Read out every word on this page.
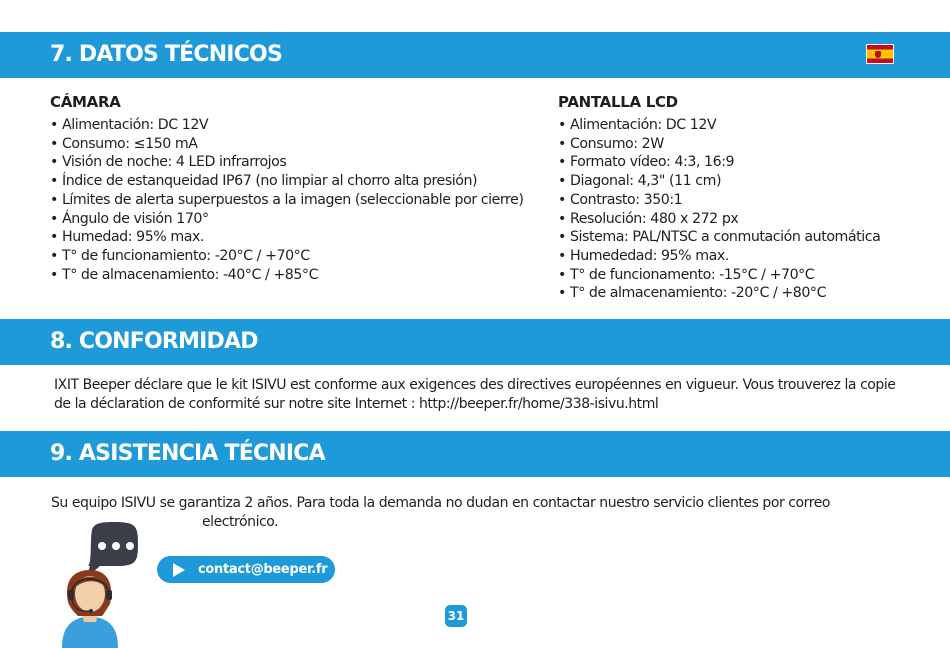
7. DATOS TÉCNICOS
CÁMARA
• Alimentación: DC 12V
• Consumo: ≤150 mA
• Visión de noche: 4 LED infrarrojos
• Índice de estanqueidad IP67 (no limpiar al chorro alta presión)
• Límites de alerta superpuestos a la imagen (seleccionable por cierre)
• Ángulo de visión 170°
• Humedad: 95% max.
• T° de funcionamiento: -20°C / +70°C
• T° de almacenamiento: -40°C / +85°C
PANTALLA LCD
• Alimentación: DC 12V
• Consumo: 2W
• Formato vídeo: 4:3, 16:9
• Diagonal: 4,3" (11 cm)
• Contrasto: 350:1
• Resolución: 480 x 272 px
• Sistema: PAL/NTSC a conmutación automática
• Humededad: 95% max.
• T° de funcionamento: -15°C / +70°C
• T° de almacenamiento: -20°C / +80°C
8. CONFORMIDAD
IXIT Beeper déclare que le kit ISIVU est conforme aux exigences des directives européennes en vigueur. Vous trouverez la copie de la déclaration de conformité sur notre site Internet : http://beeper.fr/home/338-isivu.html
9. ASISTENCIA TÉCNICA
Su equipo ISIVU se garantiza 2 años. Para toda la demanda no dudan en contactar nuestro servicio clientes por correo
electrónico.
contact@beeper.fr
31
